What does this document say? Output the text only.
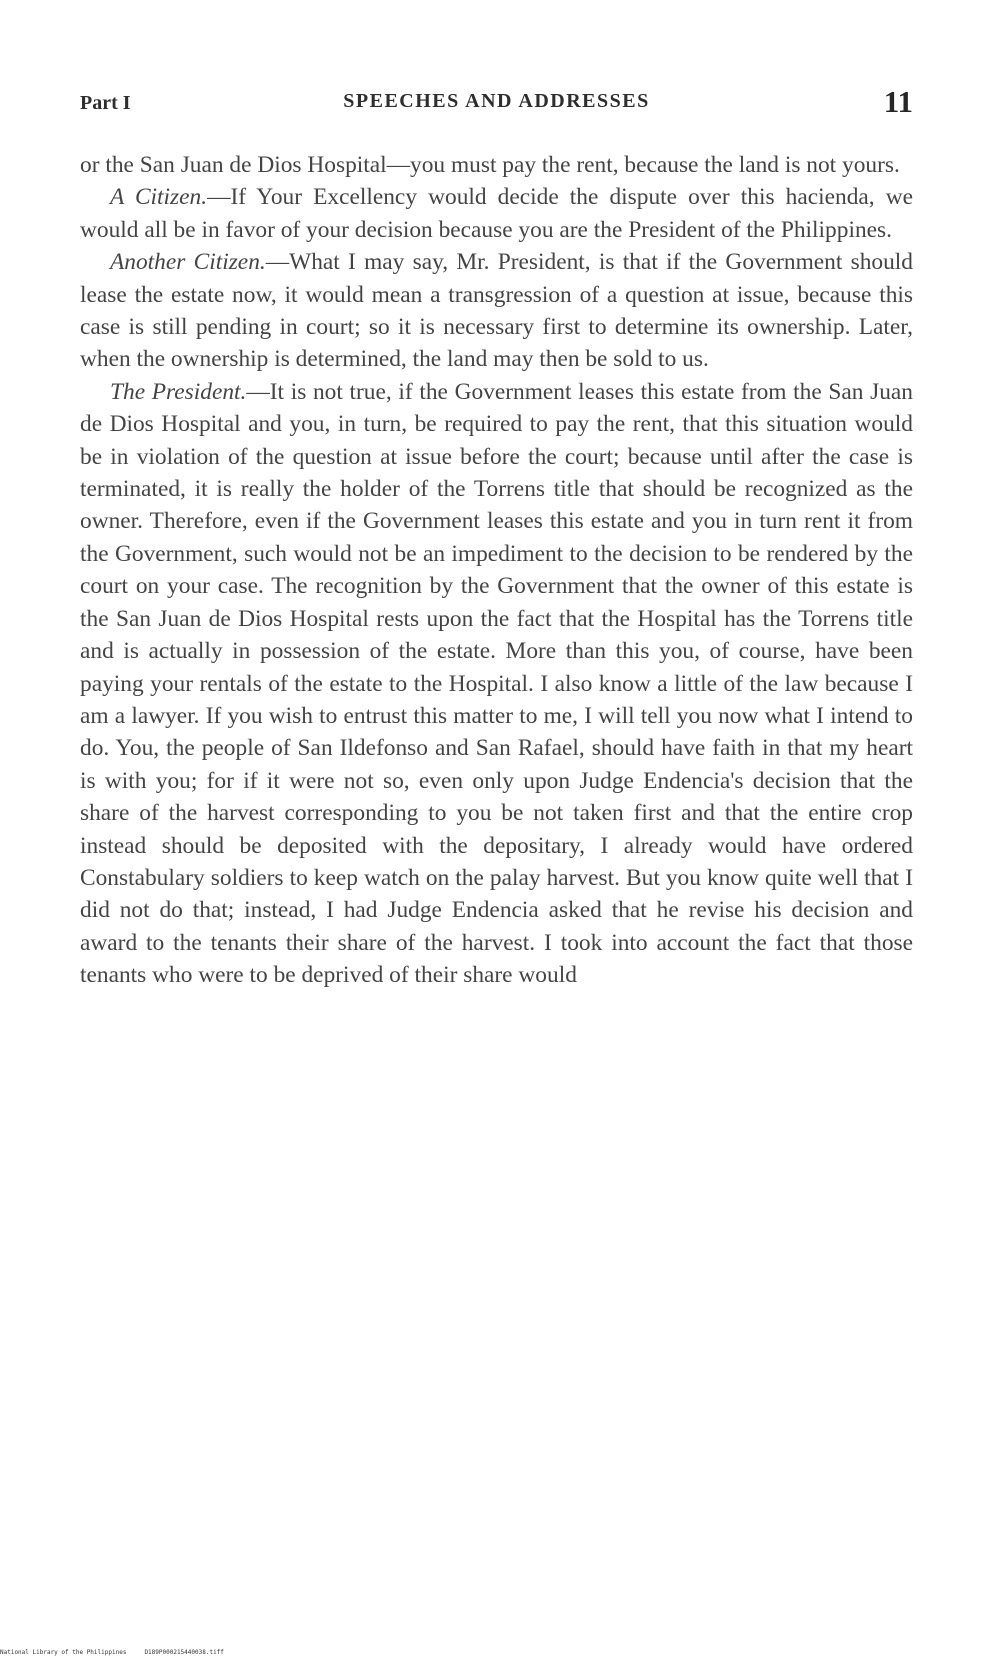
Part I	SPEECHES AND ADDRESSES	11

or the San Juan de Dios Hospital—you must pay the rent, because the land is not yours.

A Citizen.—If Your Excellency would decide the dispute over this hacienda, we would all be in favor of your decision because you are the President of the Philippines.

Another Citizen.—What I may say, Mr. President, is that if the Government should lease the estate now, it would mean a transgression of a question at issue, because this case is still pending in court; so it is necessary first to determine its ownership. Later, when the ownership is determined, the land may then be sold to us.

The President.—It is not true, if the Government leases this estate from the San Juan de Dios Hospital and you, in turn, be required to pay the rent, that this situation would be in violation of the question at issue before the court; because until after the case is terminated, it is really the holder of the Torrens title that should be recognized as the owner. Therefore, even if the Government leases this estate and you in turn rent it from the Government, such would not be an impediment to the decision to be rendered by the court on your case. The recognition by the Government that the owner of this estate is the San Juan de Dios Hospital rests upon the fact that the Hospital has the Torrens title and is actually in possession of the estate. More than this you, of course, have been paying your rentals of the estate to the Hospital. I also know a little of the law because I am a lawyer. If you wish to entrust this matter to me, I will tell you now what I intend to do. You, the people of San Ildefonso and San Rafael, should have faith in that my heart is with you; for if it were not so, even only upon Judge Endencia's decision that the share of the harvest corresponding to you be not taken first and that the entire crop instead should be deposited with the depositary, I already would have ordered Constabulary soldiers to keep watch on the palay harvest. But you know quite well that I did not do that; instead, I had Judge Endencia asked that he revise his decision and award to the tenants their share of the harvest. I took into account the fact that those tenants who were to be deprived of their share would

National Library of the Philippines	D189P000215440038.tiff
